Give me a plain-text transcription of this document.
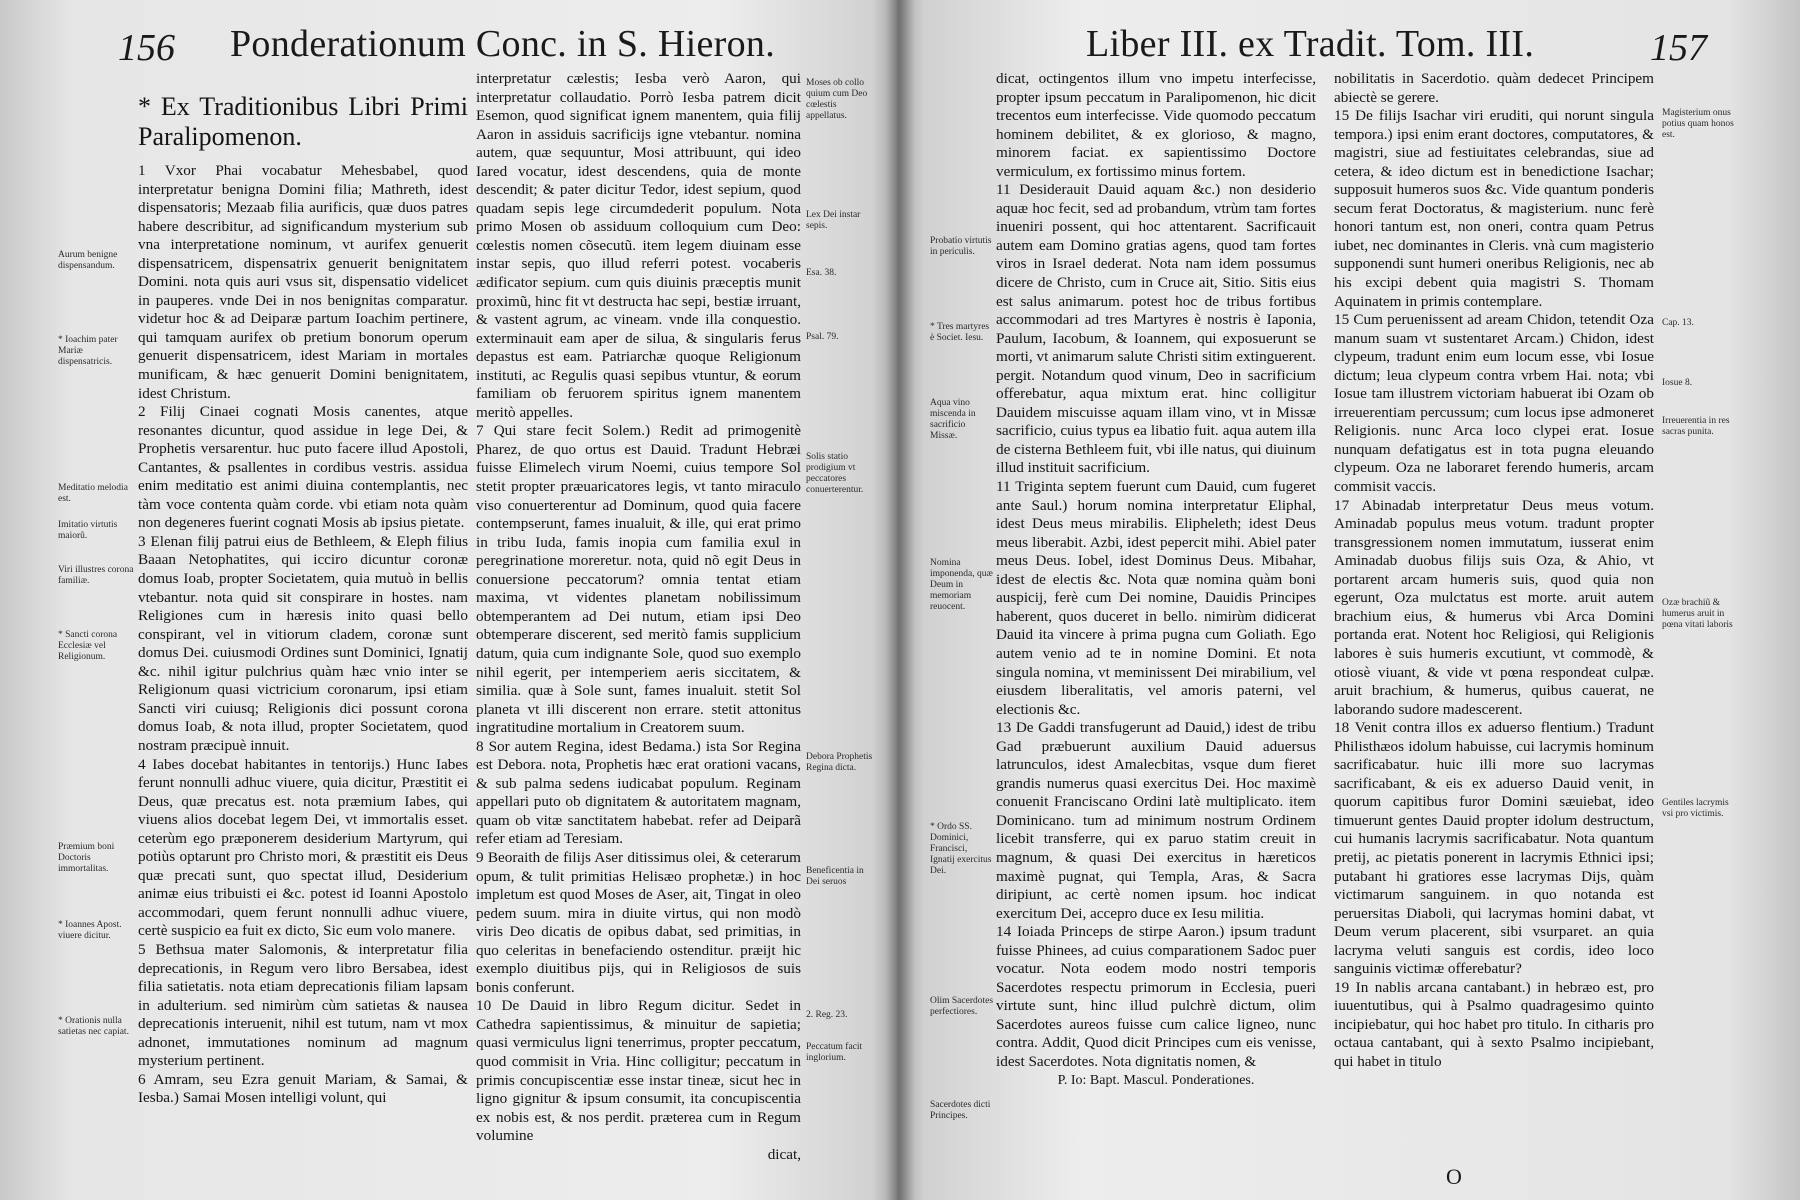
156 Ponderationum Conc. in S. Hieron.
* Ex Traditionibus Libri Primi Paralipomenon.

1 Vxor Phai vocabatur Mehesbabel, quod interpretatur benigna Domini filia; Mathreth, idest dispensatoris; Mezaab filia aurificis, quæ duos patres habere describitur, ad significandum mysterium sub vna interpretatione nominum, vt aurifex genuerit dispensatricem, dispensatrix genuerit benignitatem Domini. nota quis auri vsus sit, dispensatio videlicet in pauperes. vnde Dei in nos benignitas comparatur. videtur hoc & ad Deiparæ partum Ioachim pertinere, qui tamquam aurifex ob pretium bonorum operum genuerit dispensatricem, idest Mariam in mortales munificam, & hæc genuerit Domini benignitatem, idest Christum.

2 Filij Cinaei cognati Mosis canentes, atque resonantes dicuntur, quod assidue in lege Dei, & Prophetis versarentur. huc puto facere illud Apostoli, Cantantes, & psallentes in cordibus vestris. assidua enim meditatio est animi diuina contemplantis, nec tàm voce contenta quàm corde. vbi etiam nota quàm non degeneres fuerint cognati Mosis ab ipsius pietate.

3 Elenan filij patrui eius de Bethleem, & Eleph filius Baaan Netophatites, qui icciro dicuntur coronæ domus Ioab, propter Societatem, quia mutuò in bellis vtebantur. nota quid sit conspirare in hostes. nam Religiones cum in hæresis inito quasi bello conspirant, vel in vitiorum cladem, coronæ sunt domus Dei. cuiusmodi Ordines sunt Dominici, Ignatij &c. nihil igitur pulchrius quàm hæc vnio inter se Religionum quasi victricium coronarum, ipsi etiam Sancti viri cuiusq; Religionis dici possunt corona domus Ioab, & nota illud, propter Societatem, quod nostram præcipuè innuit.

4 Iabes docebat habitantes in tentorijs.) Hunc Iabes ferunt nonnulli adhuc viuere, quia dicitur, Præstitit ei Deus, quæ precatus est. nota præmium Iabes, qui viuens alios docebat legem Dei, vt immortalis esset. ceterùm ego præponerem desiderium Martyrum, qui potiùs optarunt pro Christo mori, & præstitit eis Deus quæ precati sunt, quo spectat illud, Desiderium animæ eius tribuisti ei &c. potest id Ioanni Apostolo accommodari, quem ferunt nonnulli adhuc viuere, certè suspicio ea fuit ex dicto, Sic eum volo manere.

5 Bethsua mater Salomonis, & interpretatur filia deprecationis, in Regum vero libro Bersabea, idest filia satietatis. nota etiam deprecationis filiam lapsam in adulterium. sed nimirùm cùm satietas & nausea deprecationis interuenit, nihil est tutum, nam vt mox adnonet, immutationes nominum ad magnum mysterium pertinent.

6 Amram, seu Ezra genuit Mariam, & Samai, & Iesba.) Samai Mosen intelligi volunt, qui

interpretatur cælestis; Iesba verò Aaron, qui interpretatur collaudatio. Porrò Iesba patrem dicit Esemon, quod significat ignem manentem, quia filij Aaron in assiduis sacrificijs igne vtebantur. nomina autem, quæ sequuntur, Mosi attribuunt, qui ideo Iared vocatur, idest descendens, quia de monte descendit; & pater dicitur Tedor, idest sepium, quod quadam sepis lege circumdederit populum. Nota primo Mosen ob assiduum colloquium cum Deo: cœlestis nomen cõsecutũ. item legem diuinam esse instar sepis, quo illud referri potest. vocaberis ædificator sepium. cum quis diuinis præceptis munit proximũ, hinc fit vt destructa hac sepi, bestiæ irruant, & vastent agrum, ac vineam. vnde illa conquestio. exterminauit eam aper de silua, & singularis ferus depastus est eam. Patriarchæ quoque Religionum instituti, ac Regulis quasi sepibus vtuntur, & eorum familiam ob feruorem spiritus ignem manentem meritò appelles.

7 Qui stare fecit Solem.) Redit ad primogenitè Pharez, de quo ortus est Dauid. Tradunt Hebræi fuisse Elimelech virum Noemi, cuius tempore Sol stetit propter præuaricatores legis, vt tanto miraculo viso conuerterentur ad Dominum, quod quia facere contempserunt, fames inualuit, & ille, qui erat primo in tribu Iuda, famis inopia cum familia exul in peregrinatione moreretur. nota, quid nõ egit Deus in conuersione peccatorum? omnia tentat etiam maxima, vt videntes planetam nobilissimum obtemperantem ad Dei nutum, etiam ipsi Deo obtemperare discerent, sed meritò famis supplicium datum, quia cum indignante Sole, quod suo exemplo nihil egerit, per intemperiem aeris siccitatem, & similia. quæ à Sole sunt, fames inualuit. stetit Sol planeta vt illi discerent non errare. stetit attonitus ingratitudine mortalium in Creatorem suum.

8 Sor autem Regina, idest Bedama.) ista Sor Regina est Debora. nota, Prophetis hæc erat orationi vacans, & sub palma sedens iudicabat populum. Reginam appellari puto ob dignitatem & autoritatem magnam, quam ob vitæ sanctitatem habebat. refer ad Deiparã refer etiam ad Teresiam.

9 Beoraith de filijs Aser ditissimus olei, & ceterarum opum, & tulit primitias Helisæo prophetæ.) in hoc impletum est quod Moses de Aser, ait, Tingat in oleo pedem suum. mira in diuite virtus, qui non modò viris Deo dicatis de opibus dabat, sed primitias, in quo celeritas in benefaciendo ostenditur. præijt hic exemplo diuitibus pijs, qui in Religiosos de suis bonis conferunt.

10 De Dauid in libro Regum dicitur. Sedet in Cathedra sapientissimus, & minuitur de sapietia; quasi vermiculus ligni tenerrimus, propter peccatum, quod commisit in Vria. Hinc colligitur; peccatum in primis concupiscentiæ esse instar tineæ, sicut hec in ligno gignitur & ipsum consumit, ita concupiscentia ex nobis est, & nos perdit. præterea cum in Regum volumine

dicat,

Aurum benigne dispensandum.
* Ioachim pater Mariæ dispensatricis.
Meditatio melodia est.
Imitatio virtutis maiorũ.
Viri illustres corona familiæ.
* Sancti corona Ecclesiæ vel Religionum.
Præmium boni Doctoris immortalitas.
* Ioannes Apost. viuere dicitur.
* Orationis nulla satietas nec capiat.
Moses ob collo quium cum Deo cœlestis appellatus.
Lex Dei instar sepis.
Esa. 38.
Psal. 79.
Solis statio prodigium vt peccatores conuerterentur.
Debora Prophetis Regina dicta.
Beneficentia in Dei seruos
2. Reg. 23.
Peccatum facit inglorium.
Liber III. ex Tradit. Tom. III.	157

dicat, octingentos illum vno impetu interfecisse, propter ipsum peccatum in Paralipomenon, hic dicit trecentos eum interfecisse. Vide quomodo peccatum hominem debilitet, & ex glorioso, & magno, minorem faciat. ex sapientissimo Doctore vermiculum, ex fortissimo minus fortem.

11 Desiderauit Dauid aquam &c.) non desiderio aquæ hoc fecit, sed ad probandum, vtrùm tam fortes inueniri possent, qui hoc attentarent. Sacrificauit autem eam Domino gratias agens, quod tam fortes viros in Israel dederat. Nota nam idem possumus dicere de Christo, cum in Cruce ait, Sitio. Sitis eius est salus animarum. potest hoc de tribus fortibus accommodari ad tres Martyres è nostris è Iaponia, Paulum, Iacobum, & Ioannem, qui exposuerunt se morti, vt animarum salute Christi sitim extinguerent. pergit. Notandum quod vinum, Deo in sacrificium offerebatur, aqua mixtum erat. hinc colligitur Dauidem miscuisse aquam illam vino, vt in Missæ sacrificio, cuius typus ea libatio fuit. aqua autem illa de cisterna Bethleem fuit, vbi ille natus, qui diuinum illud instituit sacrificium.

11 Triginta septem fuerunt cum Dauid, cum fugeret ante Saul.) horum nomina interpretatur Eliphal, idest Deus meus mirabilis. Elipheleth; idest Deus meus liberabit. Azbi, idest pepercit mihi. Abiel pater meus Deus. Iobel, idest Dominus Deus. Mibahar, idest de electis &c. Nota quæ nomina quàm boni auspicij, ferè cum Dei nomine, Dauidis Principes haberent, quos duceret in bello. nimirùm didicerat Dauid ita vincere à prima pugna cum Goliath. Ego autem venio ad te in nomine Domini. Et nota singula nomina, vt meminissent Dei mirabilium, vel eiusdem liberalitatis, vel amoris paterni, vel electionis &c.

13 De Gaddi transfugerunt ad Dauid,) idest de tribu Gad præbuerunt auxilium Dauid aduersus latrunculos, idest Amalecbitas, vsque dum fieret grandis numerus quasi exercitus Dei. Hoc maximè conuenit Franciscano Ordini latè multiplicato. item Dominicano. tum ad minimum nostrum Ordinem licebit transferre, qui ex paruo statim creuit in magnum, & quasi Dei exercitus in hæreticos maximè pugnat, qui Templa, Aras, & Sacra diripiunt, ac certè nomen ipsum. hoc indicat exercitum Dei, accepro duce ex Iesu militia.

14 Ioiada Princeps de stirpe Aaron.) ipsum tradunt fuisse Phinees, ad cuius comparationem Sadoc puer vocatur. Nota eodem modo nostri temporis Sacerdotes respectu primorum in Ecclesia, pueri virtute sunt, hinc illud pulchrè dictum, olim Sacerdotes aureos fuisse cum calice ligneo, nunc contra. Addit, Quod dicit Principes cum eis venisse, idest Sacerdotes. Nota dignitatis nomen, &

P. Io: Bapt. Mascul. Ponderationes.

nobilitatis in Sacerdotio. quàm dedecet Principem abiectè se gerere.

15 De filijs Isachar viri eruditi, qui norunt singula tempora.) ipsi enim erant doctores, computatores, & magistri, siue ad festiuitates celebrandas, siue ad cetera, & ideo dictum est in benedictione Isachar; supposuit humeros suos &c. Vide quantum ponderis secum ferat Doctoratus, & magisterium. nunc ferè honori tantum est, non oneri, contra quam Petrus iubet, nec dominantes in Cleris. vnà cum magisterio supponendi sunt humeri oneribus Religionis, nec ab his excipi debent quia magistri S. Thomam Aquinatem in primis contemplare.

15 Cum peruenissent ad aream Chidon, tetendit Oza manum suam vt sustentaret Arcam.) Chidon, idest clypeum, tradunt enim eum locum esse, vbi Iosue dictum; leua clypeum contra vrbem Hai. nota; vbi Iosue tam illustrem victoriam habuerat ibi Ozam ob irreuerentiam percussum; cum locus ipse admoneret Religionis. nunc Arca loco clypei erat. Iosue nunquam defatigatus est in tota pugna eleuando clypeum. Oza ne laboraret ferendo humeris, arcam commisit vaccis.

17 Abinadab interpretatur Deus meus votum. Aminadab populus meus votum. tradunt propter transgressionem nomen immutatum, iusserat enim Aminadab duobus filijs suis Oza, & Ahio, vt portarent arcam humeris suis, quod quia non egerunt, Oza mulctatus est morte. aruit autem brachium eius, & humerus vbi Arca Domini portanda erat. Notent hoc Religiosi, qui Religionis labores è suis humeris excutiunt, vt commodè, & otiosè viuant, & vide vt pœna respondeat culpæ. aruit brachium, & humerus, quibus cauerat, ne laborando sudore madescerent.

18 Venit contra illos ex aduerso flentium.) Tradunt Philisthæos idolum habuisse, cui lacrymis hominum sacrificabatur. huic illi more suo lacrymas sacrificabant, & eis ex aduerso Dauid venit, in quorum capitibus furor Domini sæuiebat, ideo timuerunt gentes Dauid propter idolum destructum, cui humanis lacrymis sacrificabatur. Nota quantum pretij, ac pietatis ponerent in lacrymis Ethnici ipsi; putabant hi gratiores esse lacrymas Dijs, quàm victimarum sanguinem. in quo notanda est peruersitas Diaboli, qui lacrymas homini dabat, vt Deum verum placerent, sibi vsurparet. an quia lacryma veluti sanguis est cordis, ideo loco sanguinis victimæ offerebatur?

19 In nablis arcana cantabant.) in hebræo est, pro iuuentutibus, qui à Psalmo quadragesimo quinto incipiebatur, qui hoc habet pro titulo. In citharis pro octaua cantabant, qui à sexto Psalmo incipiebant, qui habet in titulo

O
Probatio virtutis in periculis.
* Tres martyres è Societ. Iesu.
Aqua vino miscenda in sacrificio Missæ.
Nomina imponenda, quæ Deum in memoriam reuocent.
* Ordo SS. Dominici, Francisci, Ignatij exercitus Dei.
Olim Sacerdotes perfectiores.
Sacerdotes dicti Principes.
Magisterium onus potius quam honos est.
Cap. 13.
Iosue 8.
Irreuerentia in res sacras punita.
Ozæ brachiũ & humerus aruit in pœna vitati laboris
Gentiles lacrymis vsi pro victimis.
